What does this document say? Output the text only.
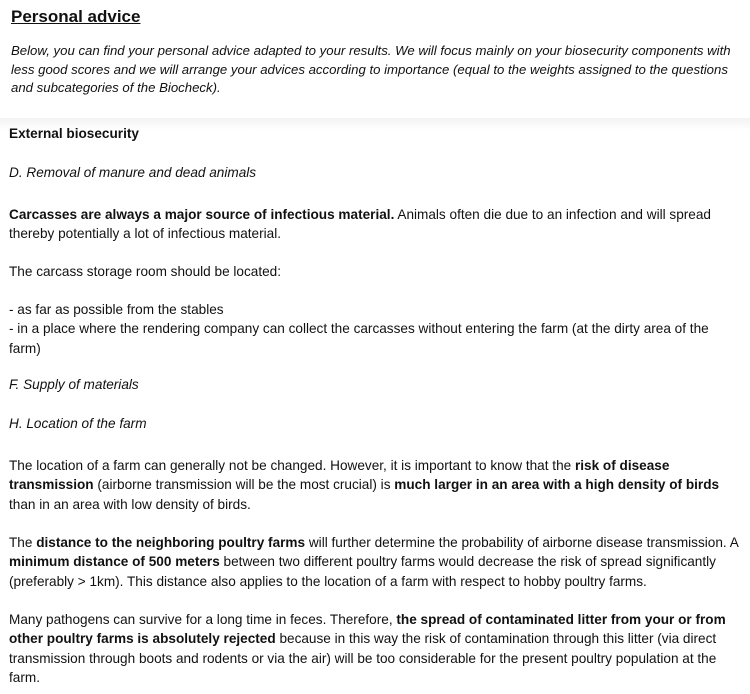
Personal advice

Below, you can find your personal advice adapted to your results. We will focus mainly on your biosecurity components with less good scores and we will arrange your advices according to importance (equal to the weights assigned to the questions and subcategories of the Biocheck).

External biosecurity

D. Removal of manure and dead animals

Carcasses are always a major source of infectious material. Animals often die due to an infection and will spread thereby potentially a lot of infectious material.

The carcass storage room should be located:

- as far as possible from the stables
- in a place where the rendering company can collect the carcasses without entering the farm (at the dirty area of the farm)

F. Supply of materials

H. Location of the farm

The location of a farm can generally not be changed. However, it is important to know that the risk of disease transmission (airborne transmission will be the most crucial) is much larger in an area with a high density of birds than in an area with low density of birds.

The distance to the neighboring poultry farms will further determine the probability of airborne disease transmission. A minimum distance of 500 meters between two different poultry farms would decrease the risk of spread significantly (preferably > 1km). This distance also applies to the location of a farm with respect to hobby poultry farms.

Many pathogens can survive for a long time in feces. Therefore, the spread of contaminated litter from your or from other poultry farms is absolutely rejected because in this way the risk of contamination through this litter (via direct transmission through boots and rodents or via the air) will be too considerable for the present poultry population at the farm.
